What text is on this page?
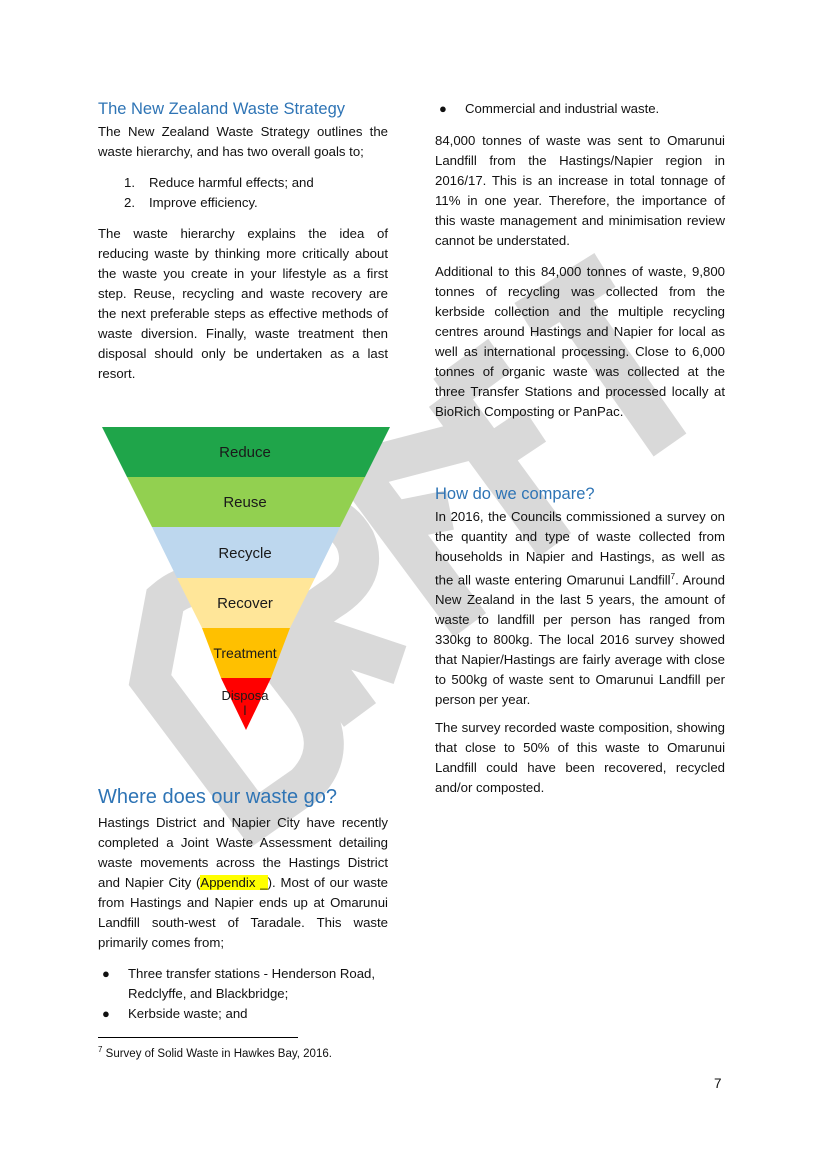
The New Zealand Waste Strategy

The New Zealand Waste Strategy outlines the waste hierarchy, and has two overall goals to;

1. Reduce harmful effects; and
2. Improve efficiency.

The waste hierarchy explains the idea of reducing waste by thinking more critically about the waste you create in your lifestyle as a first step. Reuse, recycling and waste recovery are the next preferable steps as effective methods of waste diversion. Finally, waste treatment then disposal should only be undertaken as a last resort.

Reduce
Reuse
Recycle
Recover
Treatment
Disposa
l
Where does our waste go?

Hastings District and Napier City have recently completed a Joint Waste Assessment detailing waste movements across the Hastings District and Napier City (Appendix _). Most of our waste from Hastings and Napier ends up at Omarunui Landfill south-west of Taradale. This waste primarily comes from;

● Three transfer stations - Henderson Road, Redclyffe, and Blackbridge;
● Kerbside waste; and
$^7$ Survey of Solid Waste in Hawkes Bay, 2016.
● Commercial and industrial waste.

84,000 tonnes of waste was sent to Omarunui Landfill from the Hastings/Napier region in 2016/17. This is an increase in total tonnage of 11% in one year. Therefore, the importance of this waste management and minimisation review cannot be understated.

Additional to this 84,000 tonnes of waste, 9,800 tonnes of recycling was collected from the kerbside collection and the multiple recycling centres around Hastings and Napier for local as well as international processing. Close to 6,000 tonnes of organic waste was collected at the three Transfer Stations and processed locally at BioRich Composting or PanPac.

How do we compare?

In 2016, the Councils commissioned a survey on the quantity and type of waste collected from households in Napier and Hastings, as well as the all waste entering Omarunui Landfill$^7$. Around New Zealand in the last 5 years, the amount of waste to landfill per person has ranged from 330kg to 800kg. The local 2016 survey showed that Napier/Hastings are fairly average with close to 500kg of waste sent to Omarunui Landfill per person per year.

The survey recorded waste composition, showing that close to 50% of this waste to Omarunui Landfill could have been recovered, recycled and/or composted.

7
